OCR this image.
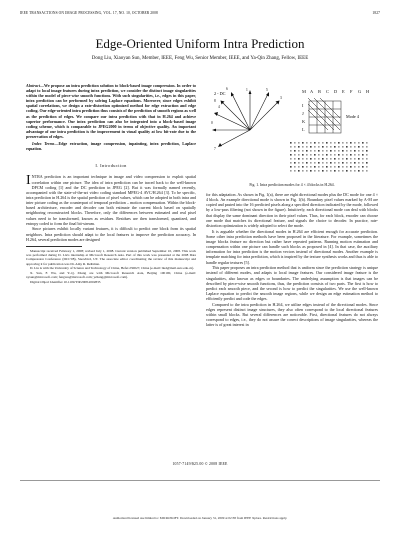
IEEE TRANSACTIONS ON IMAGE PROCESSING, VOL. 17, NO. 10, OCTOBER 2008	1827
Edge-Oriented Uniform Intra Prediction
Dong Liu, Xiaoyan Sun, Member, IEEE, Feng Wu, Senior Member, IEEE, and Ya-Qin Zhang, Fellow, IEEE

Abstract—We propose an intra prediction solution to block-based image compression. In order to adapt to local image features during intra prediction, we consider the distinct image singularities within the model of piece-wise smooth functions. With such singularities, i.e., edges in this paper, intra prediction can be performed by solving Laplace equations. Moreover, since edges exhibit spatial correlations, we design a rate-distortion optimized method for edge extraction and edge coding. Our edge-oriented intra prediction thus consists of the prediction of smooth regions as well as the prediction of edges. We compare our intra prediction with that in H.264 and achieve superior performance. Our intra prediction can also be integrated into a block-based image coding scheme, which is comparable to JPEG2000 in terms of objective quality. An important advantage of our intra prediction is the improvement in visual quality at low bit-rate due to the preservation of edges.

Index Terms—Edge extraction, image compression, inpainting, intra prediction, Laplace equation.

I. Introduction

INTRA prediction is an important technique in image and video compression to exploit spatial correlation within one picture. The idea of intra prediction can be traced back to the well-known DPCM coding [1] and the DC prediction in JPEG [2]. But it was formally named recently, accompanied with the state-of-the-art video coding standard MPEG-4 AVC/H.264 [3]. To be specific, intra prediction in H.264 is the spatial prediction of pixel values, which can be adopted in both intra and inter picture coding as the counterpart of temporal prediction – motion compensation. Within the block-based architecture, encoder and decoder can both estimate the current block based on spatially neighboring reconstructed blocks. Therefore, only the differences between estimated and real pixel values need to be transformed, known as residues. Residues are then transformed, quantized, and entropy coded to form the final bit-stream.

Since pictures exhibit locally variant features, it is difficult to predict one block from its spatial neighbors. Intra prediction should adapt to the local features to improve the prediction accuracy. In H.264, several prediction modes are designed

Manuscript received February 1, 2008; revised July 1, 2008. Current version published September 10, 2008. This work was performed during D. Liu's internship at Microsoft Research Asia. Part of this work was presented at the 2008 Data Compression Conference (DCC'08), Snowbird, UT. The associate editor coordinating the review of this manuscript and approving it for publication was Dr. Amy R. Reibman.

D. Liu is with the University of Science and Technology of China, Hefei 230027, China (e-mail: liud@mail.ustc.edu.cn).

X. Sun, F. Wu, and Y.-Q. Zhang are with Microsoft Research Asia, Beijing 100190, China (e-mail: xysun@microsoft.com; fengwu@microsoft.com; yzhang@microsoft.com).

Digital Object Identifier 10.1109/TIP.2008.2002835

2 - DC
8
1
6
3
4
5
0
7
M A B C D E F G H
I
J
K
L
Mode 4
Fig. 1. Intra prediction modes for 4 × 4 blocks in H.264.

for this adaptation. As shown in Fig. 1(a), there are eight directional modes plus the DC mode for one 4 × 4 block. An example directional mode is shown in Fig. 1(b). Boundary pixel values marked by A-M are copied and pasted into the 16 predicted pixels along a specified direction indicated by the mode, followed by a low-pass filtering (not shown in the figure). Intuitively, each directional mode can deal with blocks that display the same dominant direction in their pixel values. Thus, for each block, encoder can choose one mode that matches its directional feature, and signals the choice to decoder. In practice, rate-distortion optimization is widely adopted to select the mode.

It is arguable whether the directional modes in H.264 are efficient enough for accurate prediction. Some other intra prediction methods have been proposed in the literature. For example, sometimes the image blocks feature no direction but rather have repeated patterns. Running motion estimation and compensation within one picture can handle such blocks as proposed in [4]. In that case, the auxiliary information for intra prediction is the motion vectors instead of directional modes. Another example is template matching for intra prediction, which is inspired by the texture synthesis works and thus is able to handle regular textures [5].

This paper proposes an intra prediction method that is uniform since the prediction strategy is unique instead of different modes, and adapts to local image features. Our considered image feature is the singularities, also known as edges or boundaries. The underlying assumption is that images can be described by piece-wise smooth functions, thus, the prediction consists of two parts. The first is how to predict each smooth piece, and the second is how to predict the singularities. We use the well-known Laplace equation to predict the smooth image regions, while we design an edge estimation method to efficiently predict and code the edges.

Compared to the intra prediction in H.264, we utilize edges instead of the directional modes. Since edges represent distinct image structures, they also often correspond to the local directional features within small blocks. But several differences are noticeable. First, directional features do not always correspond to edges, i.e., they do not assure the correct descriptions of image singularities, whereas the latter is of great interest in

1057-7149/$25.00 © 2008 IEEE
Authorized licensed use limited to: MICROSOFT. Downloaded on January 31, 2009 at 02:38 from IEEE Xplore. Restrictions apply.
